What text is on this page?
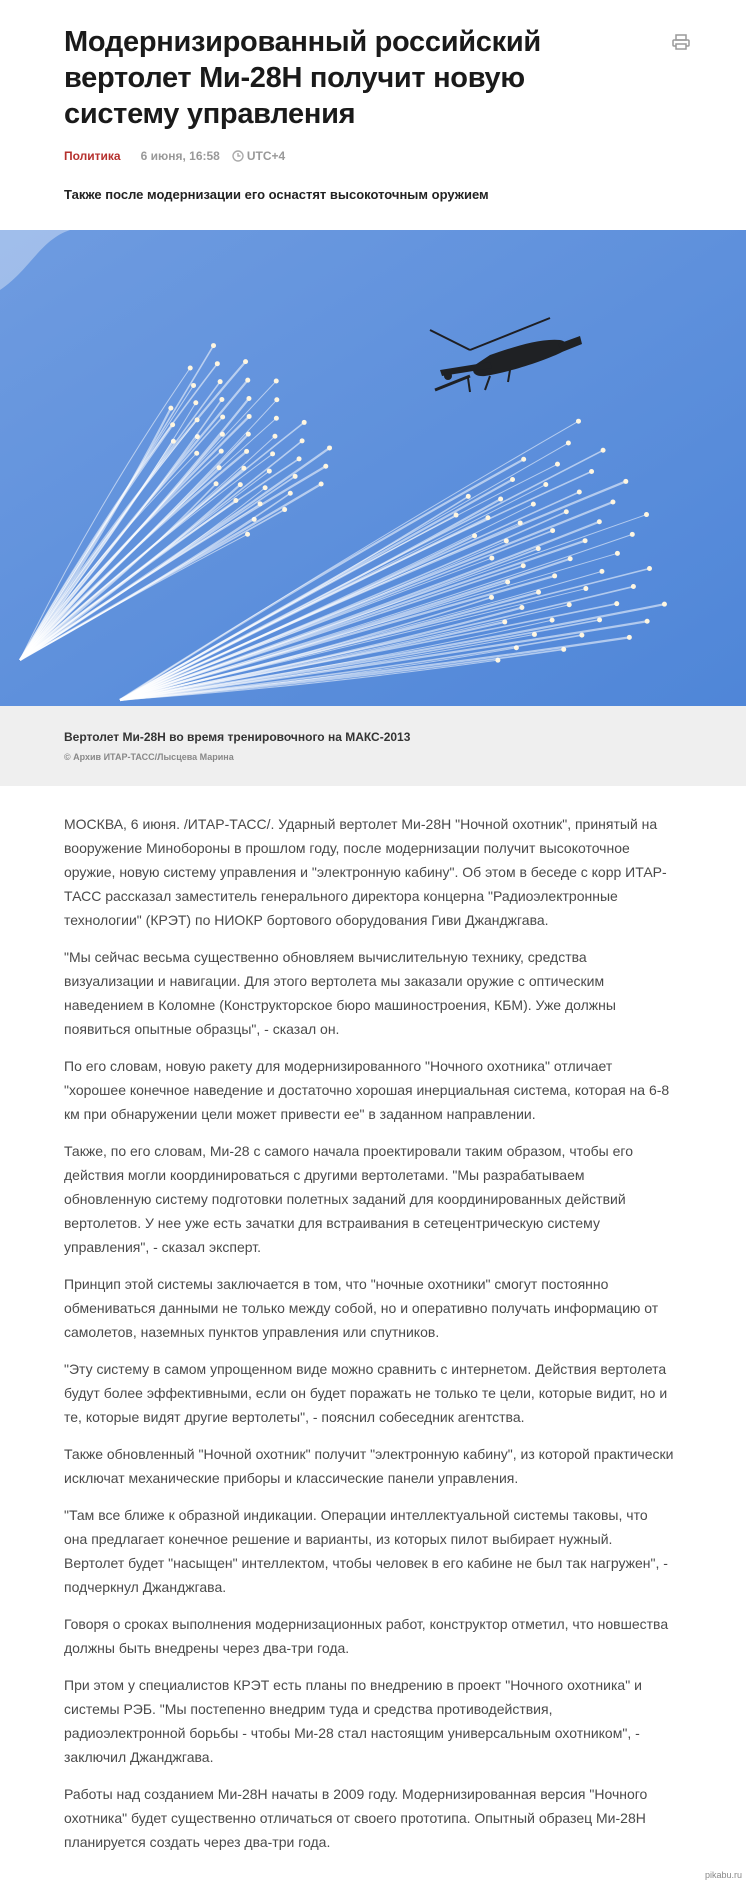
Модернизированный российский вертолет Ми-28Н получит новую систему управления
Политика 6 июня, 16:58 UTC+4
Также после модернизации его оснастят высокоточным оружием
Вертолет Ми-28Н во время тренировочного на МАКС-2013
© Архив ИТАР-ТАСС/Лысцева Марина

МОСКВА, 6 июня. /ИТАР-ТАСС/. Ударный вертолет Ми-28Н "Ночной охотник", принятый на вооружение Минобороны в прошлом году, после модернизации получит высокоточное оружие, новую систему управления и "электронную кабину". Об этом в беседе с корр ИТАР-ТАСС рассказал заместитель генерального директора концерна "Радиоэлектронные технологии" (КРЭТ) по НИОКР бортового оборудования Гиви Джанджгава.

"Мы сейчас весьма существенно обновляем вычислительную технику, средства визуализации и навигации. Для этого вертолета мы заказали оружие с оптическим наведением в Коломне (Конструкторское бюро машиностроения, КБМ). Уже должны появиться опытные образцы", - сказал он.

По его словам, новую ракету для модернизированного "Ночного охотника" отличает "хорошее конечное наведение и достаточно хорошая инерциальная система, которая на 6-8 км при обнаружении цели может привести ее" в заданном направлении.

Также, по его словам, Ми-28 с самого начала проектировали таким образом, чтобы его действия могли координироваться с другими вертолетами. "Мы разрабатываем обновленную систему подготовки полетных заданий для координированных действий вертолетов. У нее уже есть зачатки для встраивания в сетецентрическую систему управления", - сказал эксперт.

Принцип этой системы заключается в том, что "ночные охотники" смогут постоянно обмениваться данными не только между собой, но и оперативно получать информацию от самолетов, наземных пунктов управления или спутников.

"Эту систему в самом упрощенном виде можно сравнить с интернетом. Действия вертолета будут более эффективными, если он будет поражать не только те цели, которые видит, но и те, которые видят другие вертолеты", - пояснил собеседник агентства.

Также обновленный "Ночной охотник" получит "электронную кабину", из которой практически исключат механические приборы и классические панели управления.

"Там все ближе к образной индикации. Операции интеллектуальной системы таковы, что она предлагает конечное решение и варианты, из которых пилот выбирает нужный. Вертолет будет "насыщен" интеллектом, чтобы человек в его кабине не был так нагружен", - подчеркнул Джанджгава.

Говоря о сроках выполнения модернизационных работ, конструктор отметил, что новшества должны быть внедрены через два-три года.

При этом у специалистов КРЭТ есть планы по внедрению в проект "Ночного охотника" и системы РЭБ. "Мы постепенно внедрим туда и средства противодействия, радиоэлектронной борьбы - чтобы Ми-28 стал настоящим универсальным охотником", - заключил Джанджгава.

Работы над созданием Ми-28Н начаты в 2009 году. Модернизированная версия "Ночного охотника" будет существенно отличаться от своего прототипа. Опытный образец Ми-28Н планируется создать через два-три года.

pikabu.ru
